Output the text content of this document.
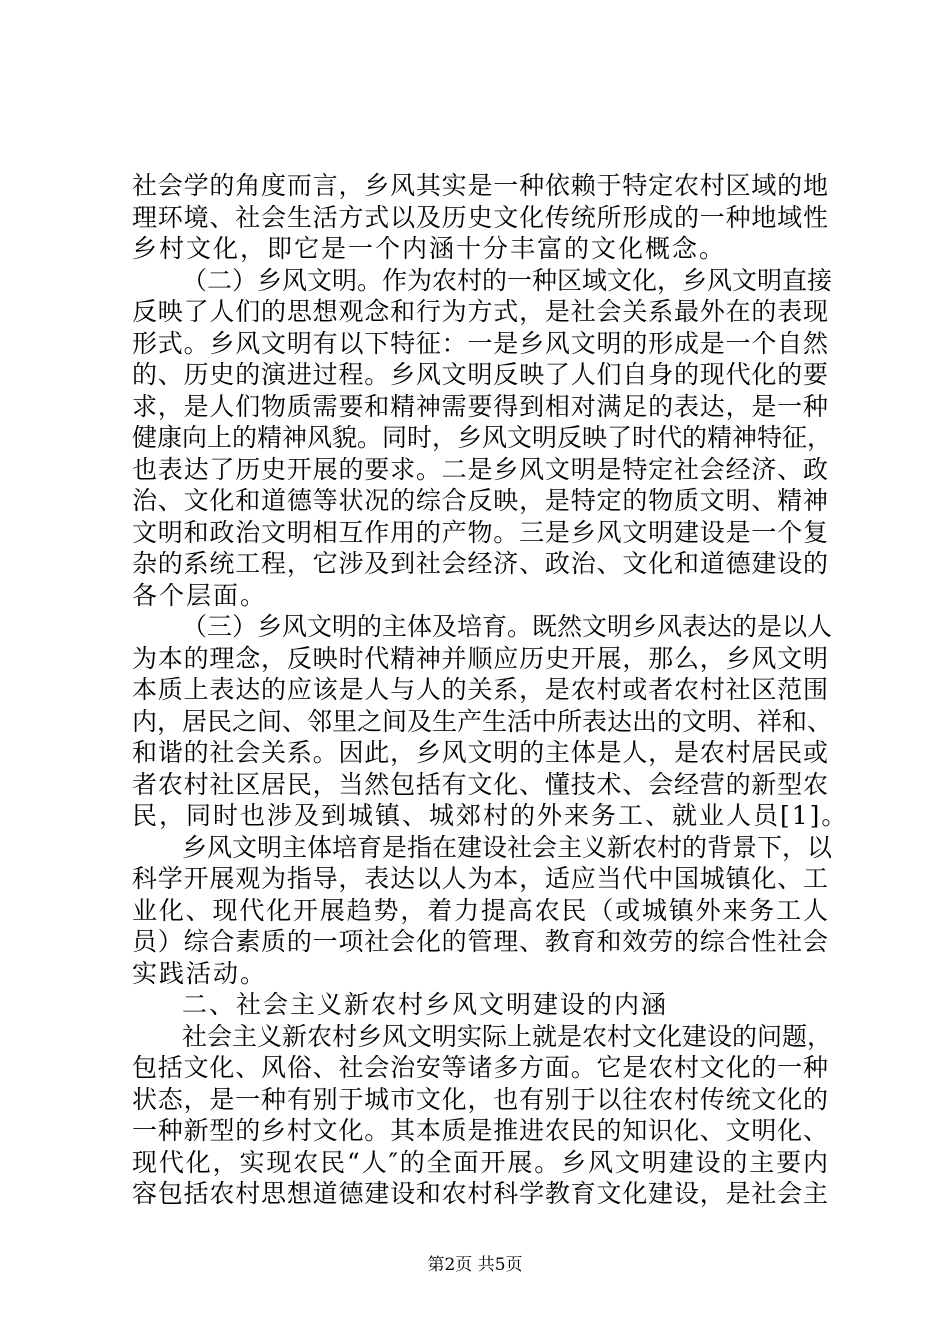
社会学的角度而言，乡风其实是一种依赖于特定农村区域的地
理环境、社会生活方式以及历史文化传统所形成的一种地域性
乡村文化，即它是一个内涵十分丰富的文化概念。
（二）乡风文明。作为农村的一种区域文化，乡风文明直接
反映了人们的思想观念和行为方式，是社会关系最外在的表现
形式。乡风文明有以下特征：一是乡风文明的形成是一个自然
的、历史的演进过程。乡风文明反映了人们自身的现代化的要
求，是人们物质需要和精神需要得到相对满足的表达，是一种
健康向上的精神风貌。同时，乡风文明反映了时代的精神特征，
也表达了历史开展的要求。二是乡风文明是特定社会经济、政
治、文化和道德等状况的综合反映，是特定的物质文明、精神
文明和政治文明相互作用的产物。三是乡风文明建设是一个复
杂的系统工程，它涉及到社会经济、政治、文化和道德建设的
各个层面。
（三）乡风文明的主体及培育。既然文明乡风表达的是以人
为本的理念，反映时代精神并顺应历史开展，那么，乡风文明
本质上表达的应该是人与人的关系，是农村或者农村社区范围
内，居民之间、邻里之间及生产生活中所表达出的文明、祥和、
和谐的社会关系。因此，乡风文明的主体是人，是农村居民或
者农村社区居民，当然包括有文化、懂技术、会经营的新型农
民，同时也涉及到城镇、城郊村的外来务工、就业人员[1]。
乡风文明主体培育是指在建设社会主义新农村的背景下，以
科学开展观为指导，表达以人为本，适应当代中国城镇化、工
业化、现代化开展趋势，着力提高农民（或城镇外来务工人
员）综合素质的一项社会化的管理、教育和效劳的综合性社会
实践活动。
二、社会主义新农村乡风文明建设的内涵
社会主义新农村乡风文明实际上就是农村文化建设的问题，
包括文化、风俗、社会治安等诸多方面。它是农村文化的一种
状态，是一种有别于城市文化，也有别于以往农村传统文化的
一种新型的乡村文化。其本质是推进农民的知识化、文明化、
现代化，实现农民“人″的全面开展。乡风文明建设的主要内
容包括农村思想道德建设和农村科学教育文化建设，是社会主
第2页 共5页
